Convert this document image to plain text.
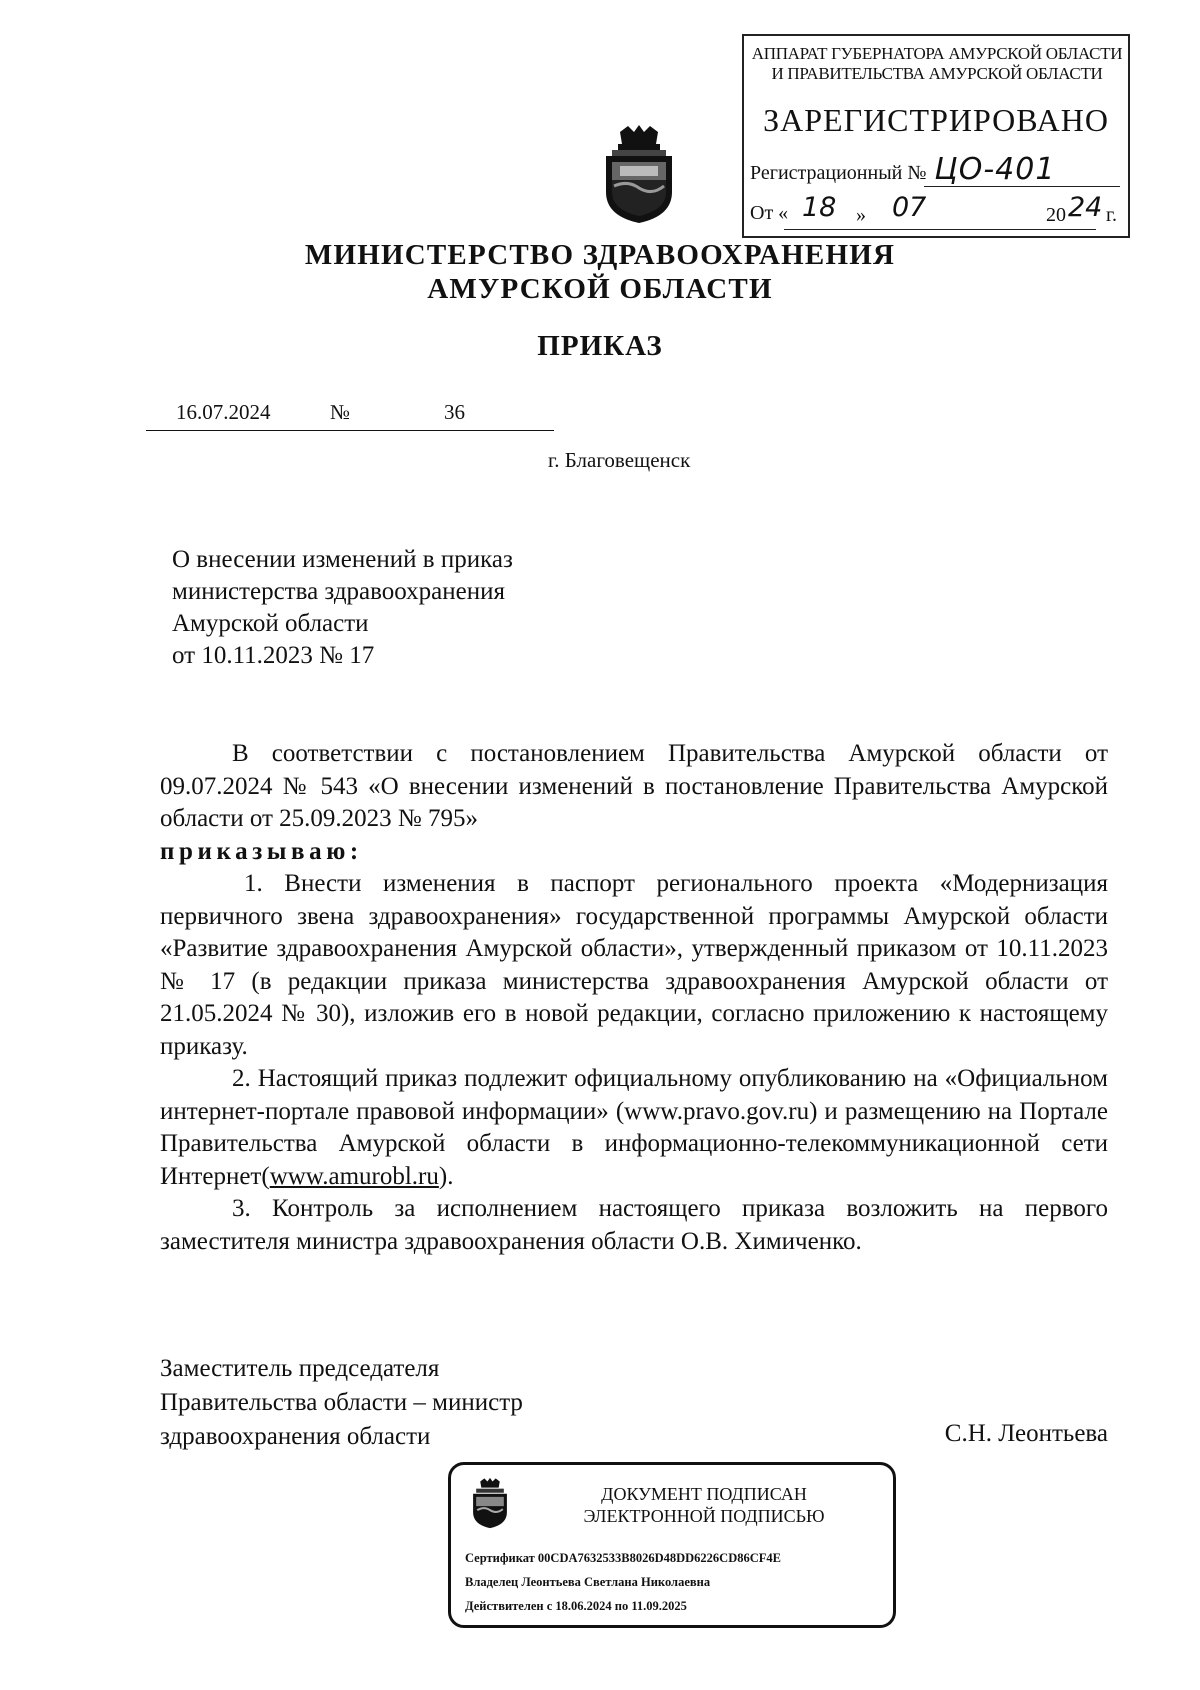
АППАРАТ ГУБЕРНАТОРА АМУРСКОЙ ОБЛАСТИ
И ПРАВИТЕЛЬСТВА АМУРСКОЙ ОБЛАСТИ
ЗАРЕГИСТРИРОВАНО
Регистрационный № ЦО-401
От « 18 » 07	20 24 г.
МИНИСТЕРСТВО ЗДРАВООХРАНЕНИЯ
АМУРСКОЙ ОБЛАСТИ
ПРИКАЗ
16.07.2024	№	36
г. Благовещенск
О внесении изменений в приказ
министерства здравоохранения
Амурской области
от 10.11.2023 № 17

В соответствии с постановлением Правительства Амурской области от 09.07.2024 № 543 «О внесении изменений в постановление Правительства Амурской области от 25.09.2023 № 795»

приказываю:

1. Внести изменения в паспорт регионального проекта «Модернизация первичного звена здравоохранения» государственной программы Амурской области «Развитие здравоохранения Амурской области», утвержденный приказом от 10.11.2023 № 17 (в редакции приказа министерства здравоохранения Амурской области от 21.05.2024 № 30), изложив его в новой редакции, согласно приложению к настоящему приказу.

2. Настоящий приказ подлежит официальному опубликованию на «Официальном интернет-портале правовой информации» (www.pravo.gov.ru) и размещению на Портале Правительства Амурской области в информационно-телекоммуникационной сети Интернет(www.amurobl.ru).

3. Контроль за исполнением настоящего приказа возложить на первого заместителя министра здравоохранения области О.В. Химиченко.

Заместитель председателя
Правительства области – министр
здравоохранения области	С.Н. Леонтьева
ДОКУМЕНТ ПОДПИСАН
ЭЛЕКТРОННОЙ ПОДПИСЬЮ
Сертификат 00CDA7632533B8026D48DD6226CD86CF4E
Владелец Леонтьева Светлана Николаевна
Действителен с 18.06.2024 по 11.09.2025
